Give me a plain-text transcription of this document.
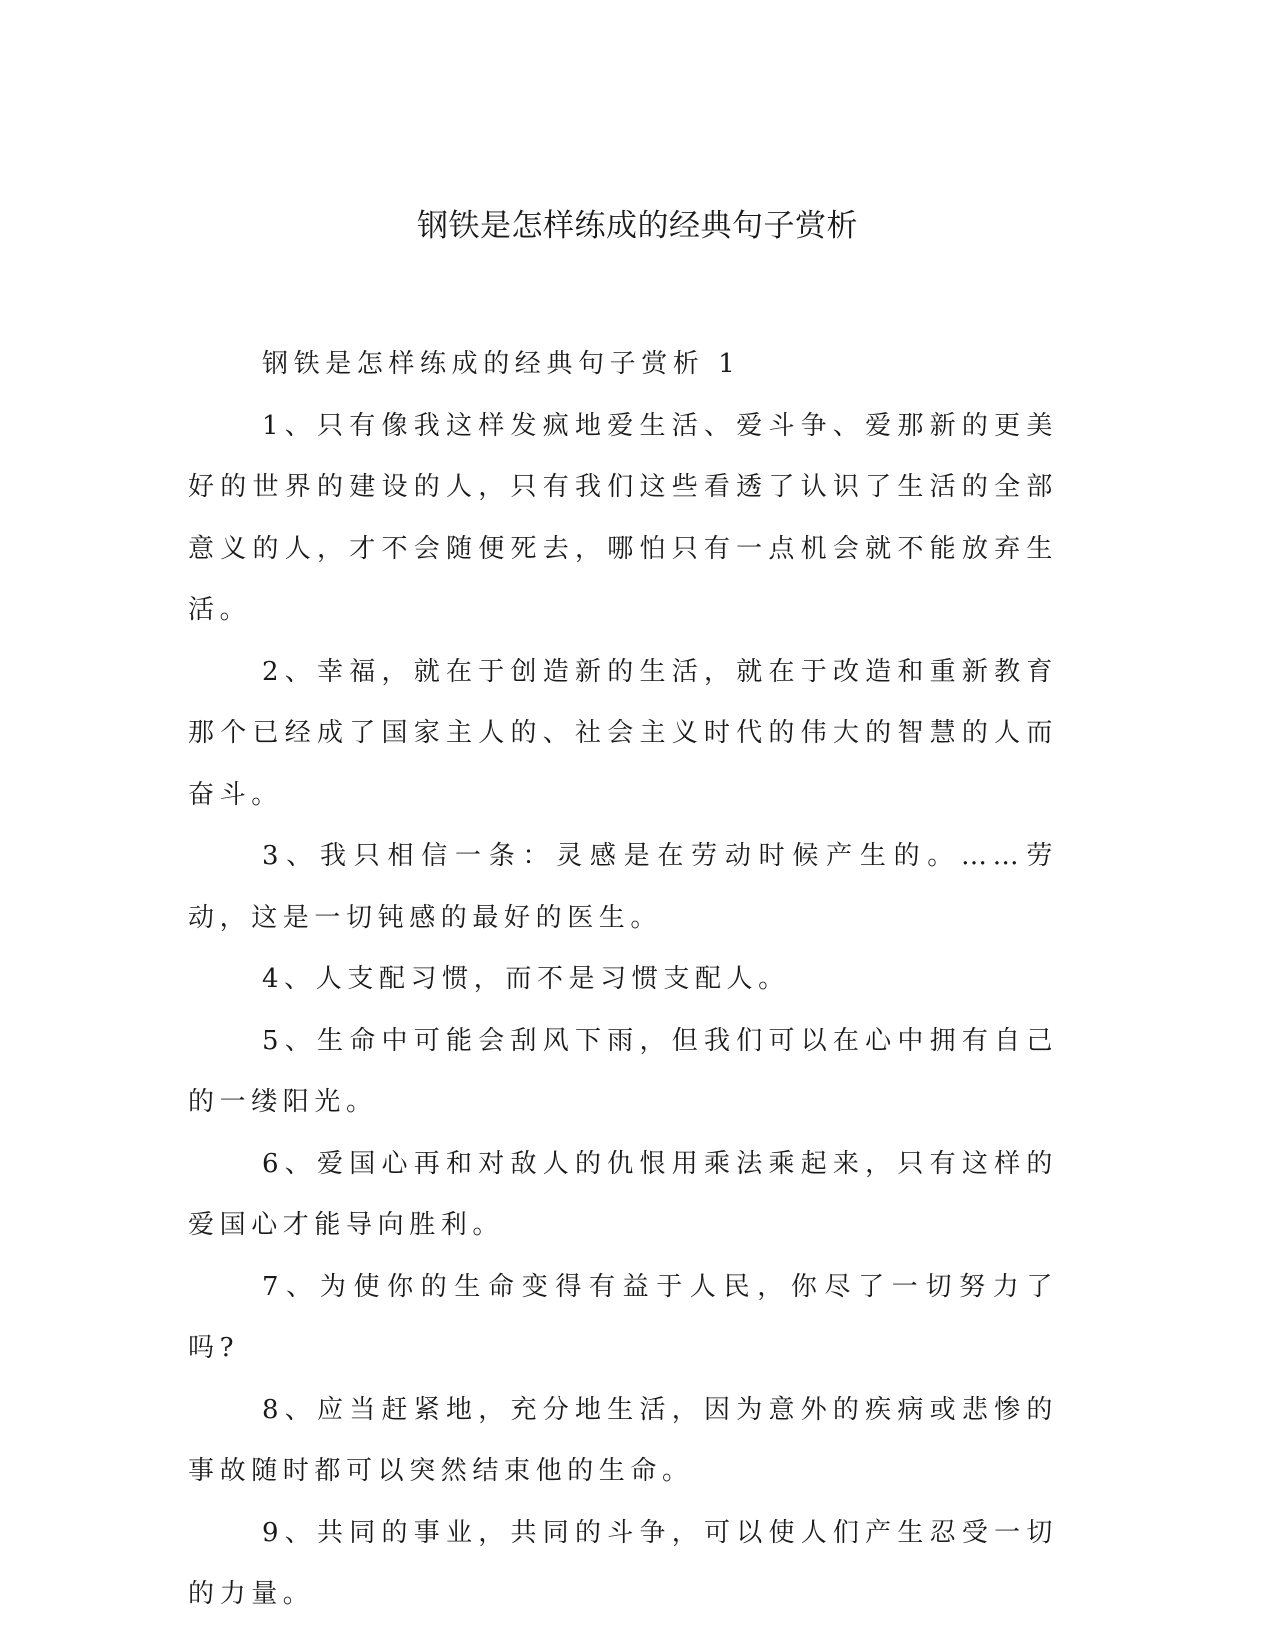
钢铁是怎样练成的经典句子赏析

钢铁是怎样练成的经典句子赏析 1

1、只有像我这样发疯地爱生活、爱斗争、爱那新的更美好的世界的建设的人，只有我们这些看透了认识了生活的全部意义的人，才不会随便死去，哪怕只有一点机会就不能放弃生活。

2、幸福，就在于创造新的生活，就在于改造和重新教育那个已经成了国家主人的、社会主义时代的伟大的智慧的人而奋斗。

3、我只相信一条：灵感是在劳动时候产生的。……劳动，这是一切钝感的最好的医生。

4、人支配习惯，而不是习惯支配人。

5、生命中可能会刮风下雨，但我们可以在心中拥有自己的一缕阳光。

6、爱国心再和对敌人的仇恨用乘法乘起来，只有这样的爱国心才能导向胜利。

7、为使你的生命变得有益于人民，你尽了一切努力了吗?

8、应当赶紧地，充分地生活，因为意外的疾病或悲惨的事故随时都可以突然结束他的生命。

9、共同的事业，共同的斗争，可以使人们产生忍受一切的力量。
